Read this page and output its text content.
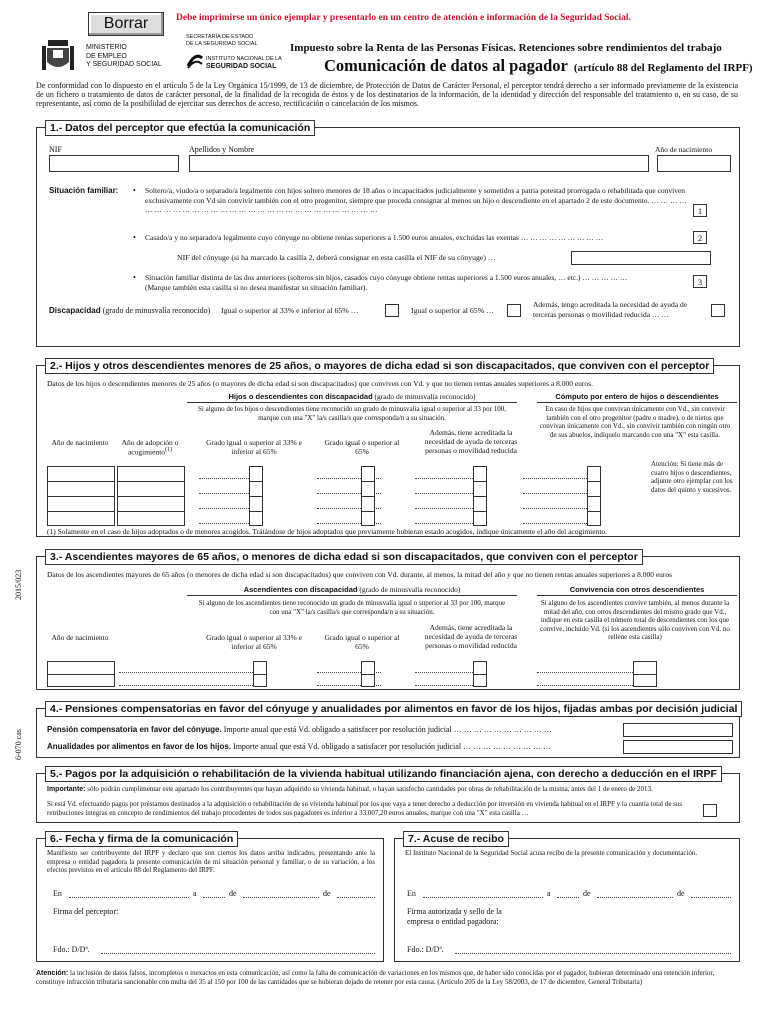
Borrar	Debe imprimirse un único ejemplar y presentarlo en un centro de atención e información de la Seguridad Social.
MINISTERIO
DE EMPLEO
Y SEGURIDAD SOCIAL
SECRETARÍA DE ESTADO
DE LA SEGURIDAD SOCIAL
INSTITUTO NACIONAL DE LA
SEGURIDAD SOCIAL
Impuesto sobre la Renta de las Personas Físicas. Retenciones sobre rendimientos del trabajo
Comunicación de datos al pagador (artículo 88 del Reglamento del IRPF)
De conformidad con lo dispuesto en el artículo 5 de la Ley Orgánica 15/1999, de 13 de diciembre, de Protección de Datos de Carácter Personal, el perceptor tendrá derecho a ser informado previamente de la existencia de un fichero o tratamiento de datos de carácter personal, de la finalidad de la recogida de éstos y de los destinatarios de la información, de la identidad y dirección del responsable del tratamiento o, en su caso, de su representante, así como de la posibilidad de ejercitar sus derechos de acceso, rectificación o cancelación de los mismos.
2015/023
6-070 cas
1.- Datos del perceptor que efectúa la comunicación
NIF	Apellidos y Nombre	Año de nacimiento
Situación familiar: • Soltero/a, viudo/a o separado/a legalmente con hijos soltero menores de 18 años o incapacitados judicialmente y sometidos a patria potestad prorrogada o rehabilitada que conviven exclusivamente con Vd sin convivir también con el otro progenitor, siempre que proceda consignar al menos un hijo o descendiente en el apartado 2 de este documento. … … … … … … … … … … … … … … … … … … … … … … … … … … … … …	1
• Casado/a y no separado/a legalmente cuyo cónyuge no obtiene rentas superiores a 1.500 euros anuales, excluidas las exentas … … … … … … … … …	2
NIF del cónyuge (si ha marcado la casilla 2, deberá consignar en esta casilla el NIF de su cónyuge) …
• Situación familiar distinta de las dos anteriores (solteros sin hijos, casados cuyo cónyuge obtiene rentas superiores a 1.500 euros anuales, … etc.) … … … … …
(Marque también esta casilla si no desea manifestar su situación familiar).	3
Discapacidad (grado de minusvalía reconocido) Igual o superior al 33% e inferior al 65% …	Igual o superior al 65% …
Además, tengo acreditada la necesidad de ayuda de terceras personas o movilidad reducida … …
2.- Hijos y otros descendientes menores de 25 años, o mayores de dicha edad si son discapacitados, que conviven con el perceptor
Datos de los hijos o descendientes menores de 25 años (o mayores de dicha edad si son discapacitados) que conviven con Vd. y que no tienen rentas anuales superiores a 8.000 euros.
Hijos o descendientes con discapacidad (grado de minusvalía reconocido)
Si alguno de los hijos o descendientes tiene reconocido un grado de minusvalía igual o superior al 33 por 100, marque con una "X" la/s casilla/s que corresponda/n a su situación.
Cómputo por entero de hijos o descendientes
En caso de hijos que convivan únicamente con Vd., sin convivir también con el otro progenitor (padre o madre), o de nietos que convivan únicamente con Vd., sin convivir también con ningún otro de sus abuelos, indíquelo marcando con una "X" esta casilla.
Año de nacimiento	Año de adopción o acogimiento$^{(1)}$
Grado igual o superior al 33% e inferior al 65%
Grado igual o superior al 65%
Además, tiene acreditada la necesidad de ayuda de terceras personas o movilidad reducida
Atención: Si tiene más de cuatro hijos o descendientes, adjunte otro ejemplar con los datos del quinto y sucesivos.
(1) Solamente en el caso de hijos adoptados o de menores acogidos. Trátándose de hijos adoptados que previamente hubieran estado acogidos, indique únicamente el año del acogimiento.
3.- Ascendientes mayores de 65 años, o menores de dicha edad si son discapacitados, que conviven con el perceptor
Datos de los ascendientes mayores de 65 años (o menores de dicha edad si son discapacitados) que conviven con Vd. durante, al menos, la mitad del año y que no tienen rentas anuales superiores a 8.000 euros
Ascendientes con discapacidad (grado de minusvalía reconocido)
Si alguno de los ascendientes tiene reconocido un grado de minusvalía igual o superior al 33 por 100, marque con una "X" la/s casilla/s que corresponda/n a su situación.
Convivencia con otros descendientes
Si alguno de los ascendientes convive también, al menos durante la mitad del año, con otros descendientes del mismo grado que Vd., indique en esta casilla el número total de descendientes con los que convive, incluido Vd. (si los ascendientes sólo conviven con Vd. no rellene esta casilla)
Año de nacimiento	Grado igual o superior al 33% e inferior al 65%
Grado igual o superior al 65%
Además, tiene acreditada la necesidad de ayuda de terceras personas o movilidad reducida
4.- Pensiones compensatorias en favor del cónyuge y anualidades por alimentos en favor de los hijos, fijadas ambas por decisión judicial
Pensión compensatoria en favor del cónyuge. Importe anual que está Vd. obligado a satisfacer por resolución judicial … … … … … … … … … …
Anualidades por alimentos en favor de los hijos. Importe anual que está Vd. obligado a satisfacer por resolución judicial … … … … … … … … …
5.- Pagos por la adquisición o rehabilitación de la vivienda habitual utilizando financiación ajena, con derecho a deducción en el IRPF
Importante: sólo podrán cumplimentar este apartado los contribuyentes que hayan adquirido su vivienda habitual, o hayan satisfecho cantidades por obras de rehabilitación de la misma, antes del 1 de enero de 2013.
Si está Vd. efectuando pagos por préstamos destinados a la adquisición o rehabilitación de su vivienda habitual por los que vaya a tener derecho a deducción por inversión en vivienda habitual en el IRPF y la cuantía total de sus retribuciones íntegras en concepto de rendimientos del trabajo procedentes de todos sus pagadores es inferior a 33.007,20 euros anuales, marque con una "X" esta casilla …
6.- Fecha y firma de la comunicación
Manifiesto ser contribuyente del IRPF y declaro que son ciertos los datos arriba indicados, presentando ante la empresa o entidad pagadora la presente comunicación de mi situación personal y familiar, o de su variación, a los efectos previstos en el artículo 88 del Reglamento del IRPF.
En	a	de	de
Firma del perceptor:
Fdo.: D/Dª.
7.- Acuse de recibo
El Instituto Nacional de la Seguridad Social acusa recibo de la presente comunicación y documentación.
En	a	de	de
Firma autorizada y sello de la empresa o entidad pagadora:
Fdo.: D/Dª.
Atención: la inclusión de datos falsos, incompletos o inexactos en esta comunicación, así como la falta de comunicación de variaciones en los mismos que, de haber sido conocidas por el pagador, hubieran determinado una retención inferior, constituye infracción tributaria sancionable con multa del 35 al 150 por 100 de las cantidades que se hubieran dejado de retener por esta causa. (Artículo 205 de la Ley 58/2003, de 17 de diciembre, General Tributaria)
